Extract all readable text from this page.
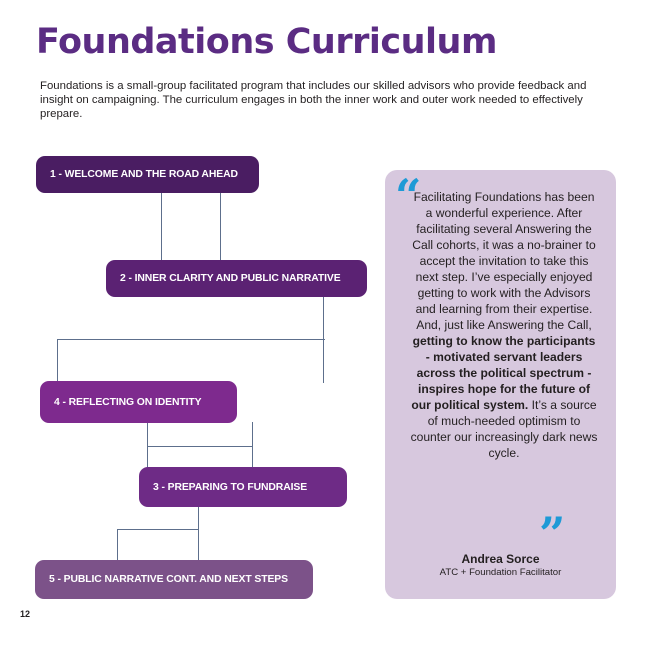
Foundations Curriculum

Foundations is a small-group facilitated program that includes our skilled advisors who provide feedback and insight on campaigning. The curriculum engages in both the inner work and outer work needed to effectively prepare.

1 - WELCOME AND THE ROAD AHEAD
2 - INNER CLARITY AND PUBLIC NARRATIVE
4 - REFLECTING ON IDENTITY
3 - PREPARING TO FUNDRAISE
5 - PUBLIC NARRATIVE CONT. AND NEXT STEPS
“

Facilitating Foundations has been a wonderful experience. After facilitating several Answering the Call cohorts, it was a no-brainer to accept the invitation to take this next step. I’ve especially enjoyed getting to work with the Advisors and learning from their expertise. And, just like Answering the Call, getting to know the participants - motivated servant leaders across the political spectrum - inspires hope for the future of our political system. It’s a source of much-needed optimism to counter our increasingly dark news cycle.

”
Andrea Sorce
ATC + Foundation Facilitator
12
